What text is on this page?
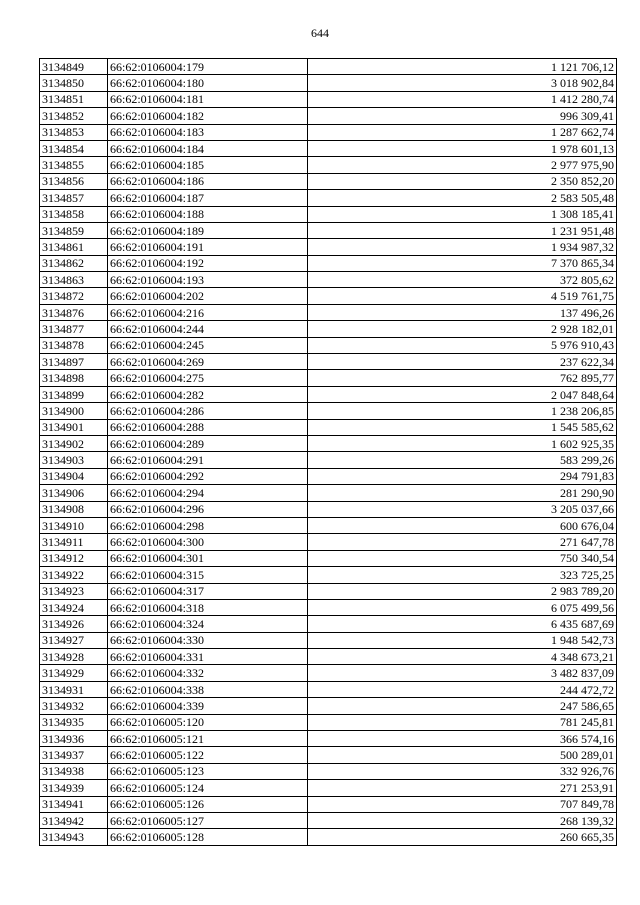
644
3134849	66:62:0106004:179	1 121 706,12
3134850	66:62:0106004:180	3 018 902,84
3134851	66:62:0106004:181	1 412 280,74
3134852	66:62:0106004:182	996 309,41
3134853	66:62:0106004:183	1 287 662,74
3134854	66:62:0106004:184	1 978 601,13
3134855	66:62:0106004:185	2 977 975,90
3134856	66:62:0106004:186	2 350 852,20
3134857	66:62:0106004:187	2 583 505,48
3134858	66:62:0106004:188	1 308 185,41
3134859	66:62:0106004:189	1 231 951,48
3134861	66:62:0106004:191	1 934 987,32
3134862	66:62:0106004:192	7 370 865,34
3134863	66:62:0106004:193	372 805,62
3134872	66:62:0106004:202	4 519 761,75
3134876	66:62:0106004:216	137 496,26
3134877	66:62:0106004:244	2 928 182,01
3134878	66:62:0106004:245	5 976 910,43
3134897	66:62:0106004:269	237 622,34
3134898	66:62:0106004:275	762 895,77
3134899	66:62:0106004:282	2 047 848,64
3134900	66:62:0106004:286	1 238 206,85
3134901	66:62:0106004:288	1 545 585,62
3134902	66:62:0106004:289	1 602 925,35
3134903	66:62:0106004:291	583 299,26
3134904	66:62:0106004:292	294 791,83
3134906	66:62:0106004:294	281 290,90
3134908	66:62:0106004:296	3 205 037,66
3134910	66:62:0106004:298	600 676,04
3134911	66:62:0106004:300	271 647,78
3134912	66:62:0106004:301	750 340,54
3134922	66:62:0106004:315	323 725,25
3134923	66:62:0106004:317	2 983 789,20
3134924	66:62:0106004:318	6 075 499,56
3134926	66:62:0106004:324	6 435 687,69
3134927	66:62:0106004:330	1 948 542,73
3134928	66:62:0106004:331	4 348 673,21
3134929	66:62:0106004:332	3 482 837,09
3134931	66:62:0106004:338	244 472,72
3134932	66:62:0106004:339	247 586,65
3134935	66:62:0106005:120	781 245,81
3134936	66:62:0106005:121	366 574,16
3134937	66:62:0106005:122	500 289,01
3134938	66:62:0106005:123	332 926,76
3134939	66:62:0106005:124	271 253,91
3134941	66:62:0106005:126	707 849,78
3134942	66:62:0106005:127	268 139,32
3134943	66:62:0106005:128	260 665,35
